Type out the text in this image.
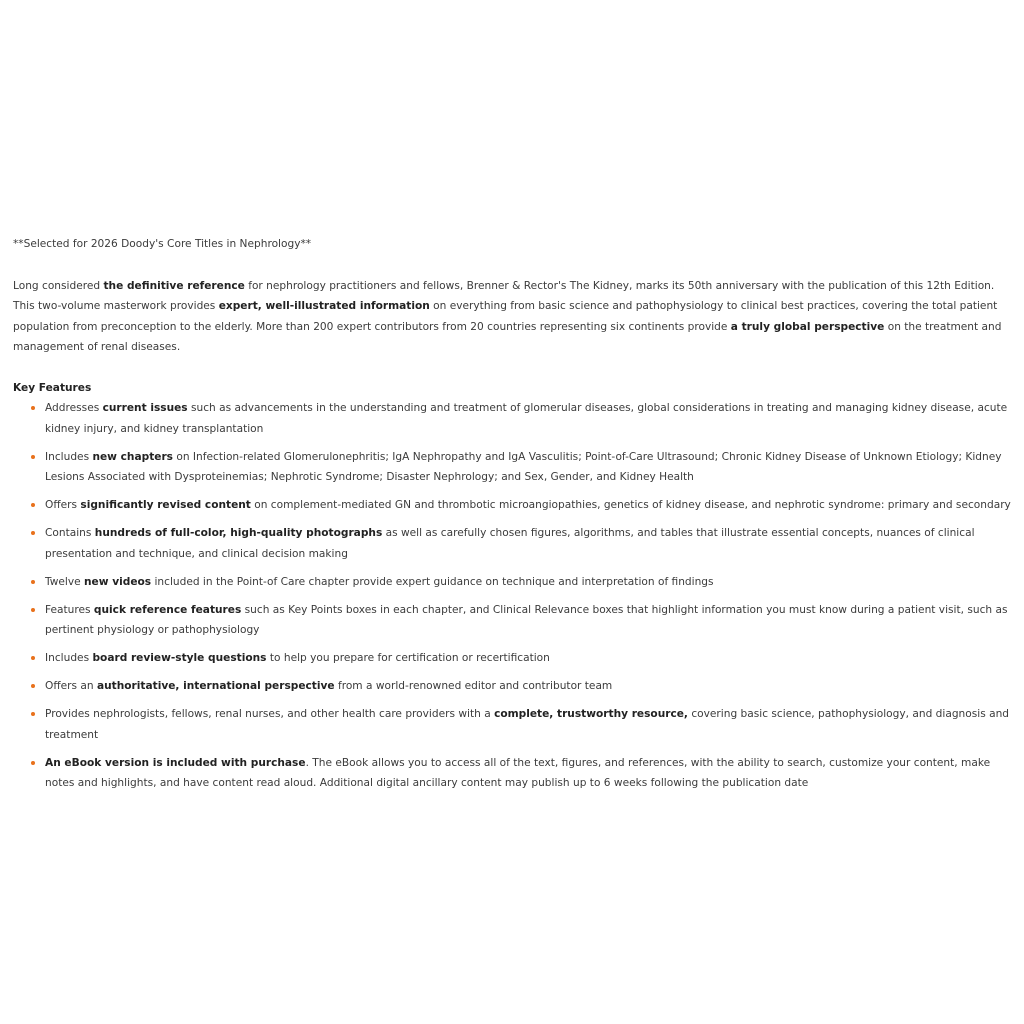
**Selected for 2026 Doody's Core Titles in Nephrology**

Long considered the definitive reference for nephrology practitioners and fellows, Brenner & Rector's The Kidney, marks its 50th anniversary with the publication of this 12th Edition. This two-volume masterwork provides expert, well-illustrated information on everything from basic science and pathophysiology to clinical best practices, covering the total patient population from preconception to the elderly. More than 200 expert contributors from 20 countries representing six continents provide a truly global perspective on the treatment and management of renal diseases.

Key Features

Addresses current issues such as advancements in the understanding and treatment of glomerular diseases, global considerations in treating and managing kidney disease, acute kidney injury, and kidney transplantation
Includes new chapters on Infection-related Glomerulonephritis; IgA Nephropathy and IgA Vasculitis; Point-of-Care Ultrasound; Chronic Kidney Disease of Unknown Etiology; Kidney Lesions Associated with Dysproteinemias; Nephrotic Syndrome; Disaster Nephrology; and Sex, Gender, and Kidney Health
Offers significantly revised content on complement-mediated GN and thrombotic microangiopathies, genetics of kidney disease, and nephrotic syndrome: primary and secondary
Contains hundreds of full-color, high-quality photographs as well as carefully chosen figures, algorithms, and tables that illustrate essential concepts, nuances of clinical presentation and technique, and clinical decision making
Twelve new videos included in the Point-of Care chapter provide expert guidance on technique and interpretation of findings
Features quick reference features such as Key Points boxes in each chapter, and Clinical Relevance boxes that highlight information you must know during a patient visit, such as pertinent physiology or pathophysiology
Includes board review-style questions to help you prepare for certification or recertification
Offers an authoritative, international perspective from a world-renowned editor and contributor team
Provides nephrologists, fellows, renal nurses, and other health care providers with a complete, trustworthy resource, covering basic science, pathophysiology, and diagnosis and treatment
An eBook version is included with purchase. The eBook allows you to access all of the text, figures, and references, with the ability to search, customize your content, make notes and highlights, and have content read aloud. Additional digital ancillary content may publish up to 6 weeks following the publication date
